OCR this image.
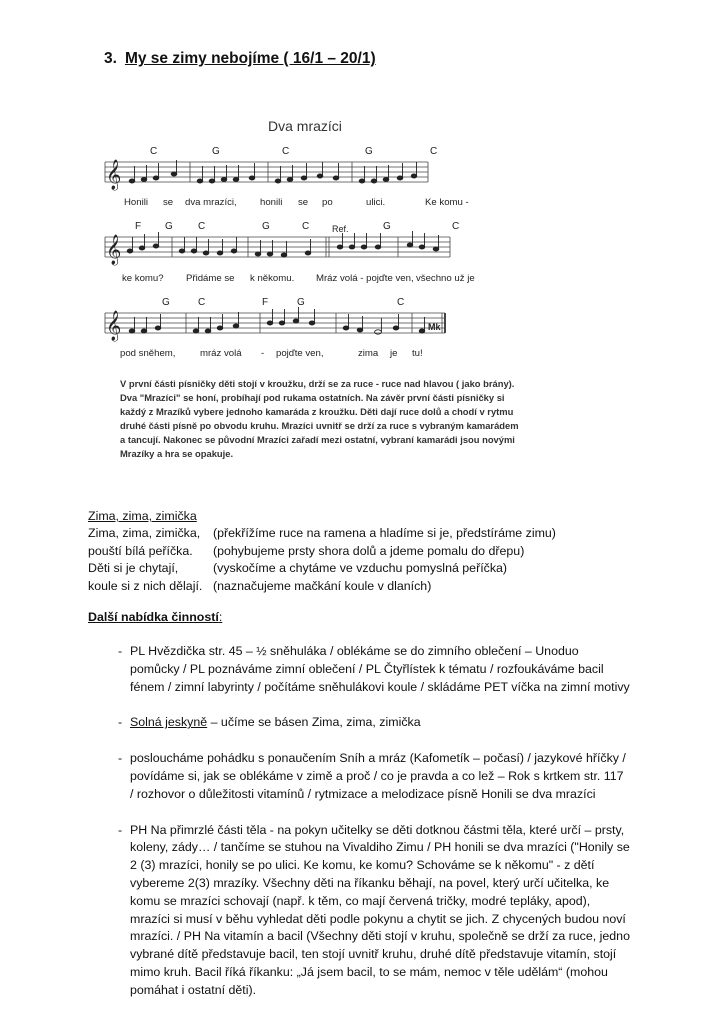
3. My se zimy nebojíme ( 16/1 – 20/1)
Dva mrazíci
𝄞
C	G	C	G	C
Honili se dva mrazíci, honili se po	ulici.	Ke komu -
𝄞
F G	C	G	C	G	C
Ref.
ke komu? Přidáme se k někomu. Mráz volá - pojďte ven, všechno už je
𝄞
G	C	F	G	C
Mk
pod sněhem,	mráz volá - pojďte ven,	zima je tu!
V první části písničky děti stojí v kroužku, drží se za ruce - ruce nad hlavou ( jako brány). Dva "Mrazíci" se honí, probíhají pod rukama ostatních. Na závěr první části písničky si každý z Mrazíků vybere jednoho kamaráda z kroužku. Děti dají ruce dolů a chodí v rytmu druhé části písně po obvodu kruhu. Mrazíci uvnitř se drží za ruce s vybraným kamarádem a tancují. Nakonec se původní Mrazíci zařadí mezi ostatní, vybraní kamarádi jsou novými Mrazíky a hra se opakuje.
Zima, zima, zimička
Zima, zima, zimička,	(překřížíme ruce na ramena a hladíme si je, předstíráme zimu)
pouští bílá peříčka.	(pohybujeme prsty shora dolů a jdeme pomalu do dřepu)
Děti si je chytají,	(vyskočíme a chytáme ve vzduchu pomyslná peříčka)
koule si z nich dělají. (naznačujeme mačkání koule v dlaních)
Další nabídka činností:
- PL Hvězdička str. 45 – ½ sněhuláka / oblékáme se do zimního oblečení – Unoduo pomůcky / PL poznáváme zimní oblečení / PL Čtyřlístek k tématu / rozfoukáváme bacil fénem / zimní labyrinty / počítáme sněhulákovi koule / skládáme PET víčka na zimní motivy
- Solná jeskyně – učíme se básen Zima, zima, zimička
- posloucháme pohádku s ponaučením Sníh a mráz (Kafometík – počasí) / jazykové hříčky / povídáme si, jak se oblékáme v zimě a proč / co je pravda a co lež – Rok s krtkem str. 117 / rozhovor o důležitosti vitamínů / rytmizace a melodizace písně Honili se dva mrazíci
- PH Na přimrzlé části těla - na pokyn učitelky se děti dotknou částmi těla, které určí – prsty, koleny, zády… / tančíme se stuhou na Vivaldiho Zimu / PH honili se dva mrazíci ("Honily se 2 (3) mrazíci, honily se po ulici. Ke komu, ke komu? Schováme se k někomu" - z dětí vybereme 2(3) mrazíky. Všechny děti na říkanku běhají, na povel, který určí učitelka, ke komu se mrazíci schovají (např. k těm, co mají červená tričky, modré tepláky, apod), mrazíci si musí v běhu vyhledat děti podle pokynu a chytit se jich. Z chycených budou noví mrazíci. / PH Na vitamín a bacil (Všechny děti stojí v kruhu, společně se drží za ruce, jedno vybrané dítě představuje bacil, ten stojí uvnitř kruhu, druhé dítě představuje vitamín, stojí mimo kruh. Bacil říká říkanku: „Já jsem bacil, to se mám, nemoc v těle udělám“ (mohou pomáhat i ostatní děti).
